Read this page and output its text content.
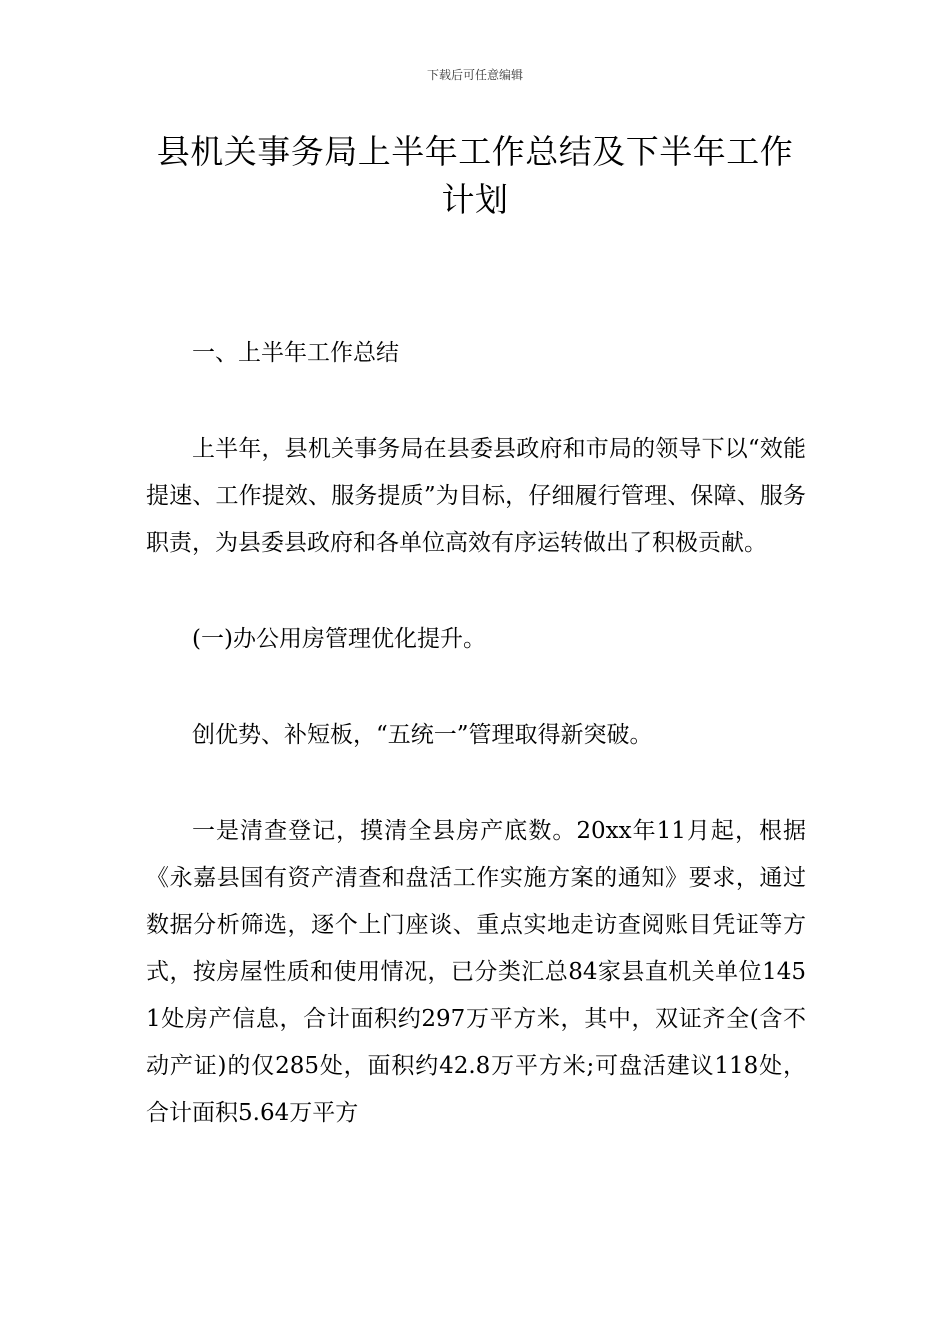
下载后可任意编辑
县机关事务局上半年工作总结及下半年工作计划

一、上半年工作总结

上半年，县机关事务局在县委县政府和市局的领导下以“效能提速、工作提效、服务提质”为目标，仔细履行管理、保障、服务职责，为县委县政府和各单位高效有序运转做出了积极贡献。

(一)办公用房管理优化提升。

创优势、补短板，“五统一”管理取得新突破。

一是清查登记，摸清全县房产底数。20xx年11月起，根据《永嘉县国有资产清查和盘活工作实施方案的通知》要求，通过数据分析筛选，逐个上门座谈、重点实地走访查阅账目凭证等方式，按房屋性质和使用情况，已分类汇总84家县直机关单位1451处房产信息，合计面积约297万平方米，其中，双证齐全(含不动产证)的仅285处，面积约42.8万平方米;可盘活建议118处，合计面积5.64万平方
